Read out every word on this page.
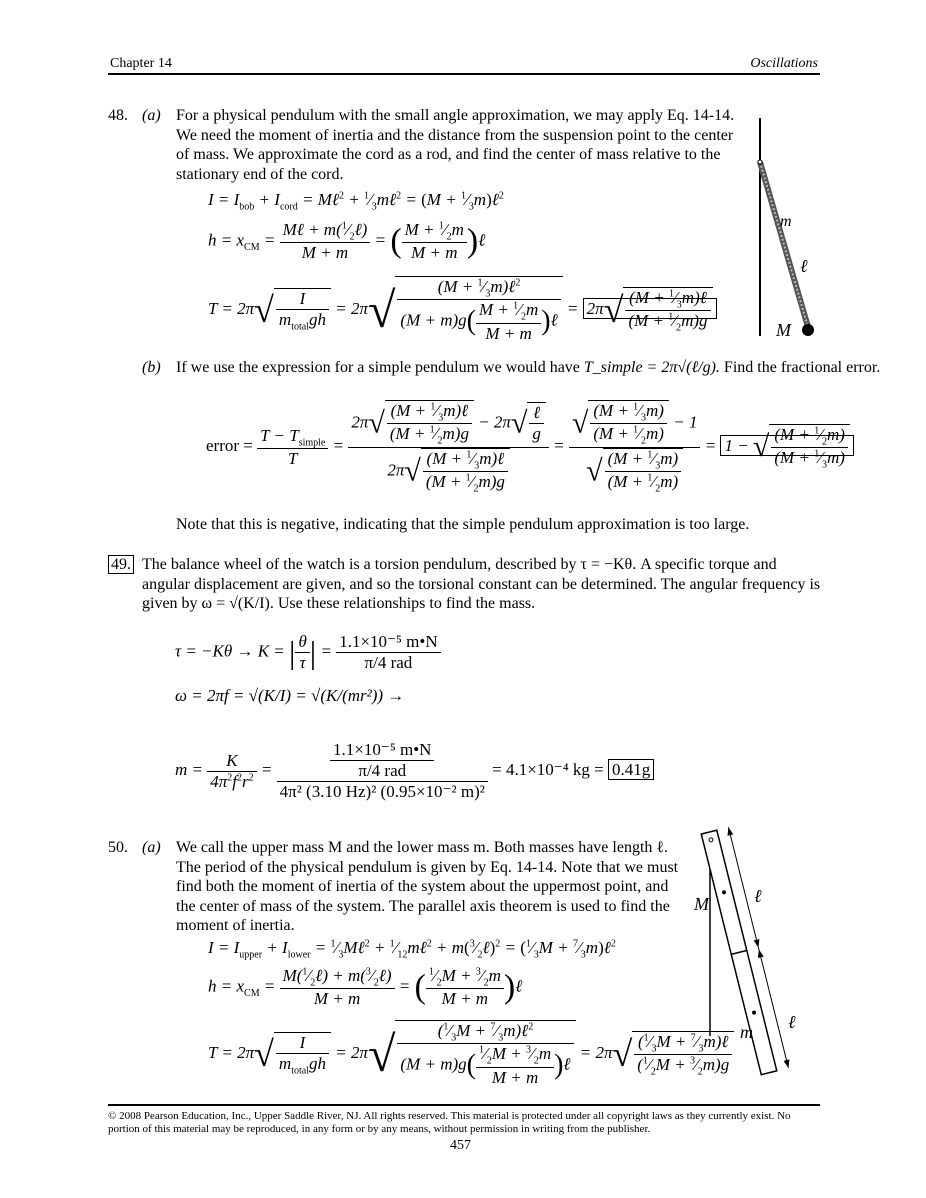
Chapter 14	Oscillations
48. (a) For a physical pendulum with the small angle approximation, we may apply Eq. 14-14. We need the moment of inertia and the distance from the suspension point to the center of mass. We approximate the cord as a rod, and find the center of mass relative to the stationary end of the cord.
$I = I_{bob} + I_{cord}$ = Mℓ$^2$ + $^1⁄_3m\ell^2 = (M$ + $^1⁄_3m)\ell^2$
$h = x_{CM} = \frac{M\ell + m(^1⁄_2\ell)}{M + m}$ = ( $\frac{M + ^1⁄_2m}{M + m}$ )ℓ
$T = 2\pi√ \frac{I}{m_{total}gh} = 2\pi√ \frac{(M + ^1⁄_3m)\ell^2}{(M + m)g( \frac{M + ^1⁄_2m}{M + m} )\ell} = 2\pi√ \frac{(M + ^1⁄_3m)\ell}{(M + ^1⁄_2m)g}$
m
ℓ
M
(b) If we use the expression for a simple pendulum we would have T_simple = 2π√(ℓ/g). Find the fractional error.
error = $\frac{T - T_{simple}}{T} = \frac{2\pi√ \frac{(M + ^1⁄_3m)\ell}{(M + ^1⁄_2m)g} - 2\pi√ \frac{\text{ℓ}}{g}}{2\pi√ \frac{(M + ^1⁄_3m)\ell}{(M + ^1⁄_2m)g}} = \frac{√ \frac{(M + ^1⁄_3m)}{(M + ^1⁄_2m)} - 1}{√ \frac{(M + ^1⁄_3m)}{(M + ^1⁄_2m)}} = 1$ − √ $\frac{(M + ^1⁄_2m)}{(M + ^1⁄_3m)}$
Note that this is negative, indicating that the simple pendulum approximation is too large.
49. The balance wheel of the watch is a torsion pendulum, described by τ = −Kθ. A specific torque and angular displacement are given, and so the torsional constant can be determined. The angular frequency is given by ω = √(K/I). Use these relationships to find the mass.
τ = −Kθ → K = | $\frac{\theta}{\tau}$ | = $\frac{\text{1.1×10⁻⁵ m•N}}{\text{π/4 rad}}$
ω = 2πf = √(K/I) = √(K/(mr²)) →
$m = \frac{K}{4\pi^2f^2r^2} = \frac{\frac{\text{1.1×10⁻⁵ m•N}}{\text{π/4 rad}}}{\text{4π² (3.10 Hz)² (0.95×10⁻² m)²}} = 4.1\times 10^{-4}$ kg = 0.41g
50. (a) We call the upper mass M and the lower mass m. Both masses have length ℓ. The period of the physical pendulum is given by Eq. 14-14. Note that we must find both the moment of inertia of the system about the uppermost point, and the center of mass of the system. The parallel axis theorem is used to find the moment of inertia.
$I = I_{upper} + I_{lower}$ = $^1⁄_3M\ell^2$ + $^1⁄_{12}m\ell^2$ + $m(^3⁄_2\ell)^2$ = ($^1⁄_3M$ + $^7⁄_3m)\ell^2$
$h = x_{CM} = \frac{M(^1⁄_2\ell) + m(^3⁄_2\ell)}{M + m}$ = ( $\frac{^1⁄_2M + ^3⁄_2m}{M + m}$ )ℓ
$T = 2\pi√ \frac{I}{m_{total}gh} = 2\pi√ \frac{(^1⁄_3M + ^7⁄_3m)\ell^2}{(M + m)g( \frac{^1⁄_2M + ^3⁄_2m}{M + m} )\ell} = 2\pi√ \frac{(^1⁄_3M + ^7⁄_3m)\ell}{(^1⁄_2M + ^3⁄_2m)g}$
M	ℓ
m ℓ
© 2008 Pearson Education, Inc., Upper Saddle River, NJ. All rights reserved. This material is protected under all copyright laws as they currently exist. No portion of this material may be reproduced, in any form or by any means, without permission in writing from the publisher.
457
